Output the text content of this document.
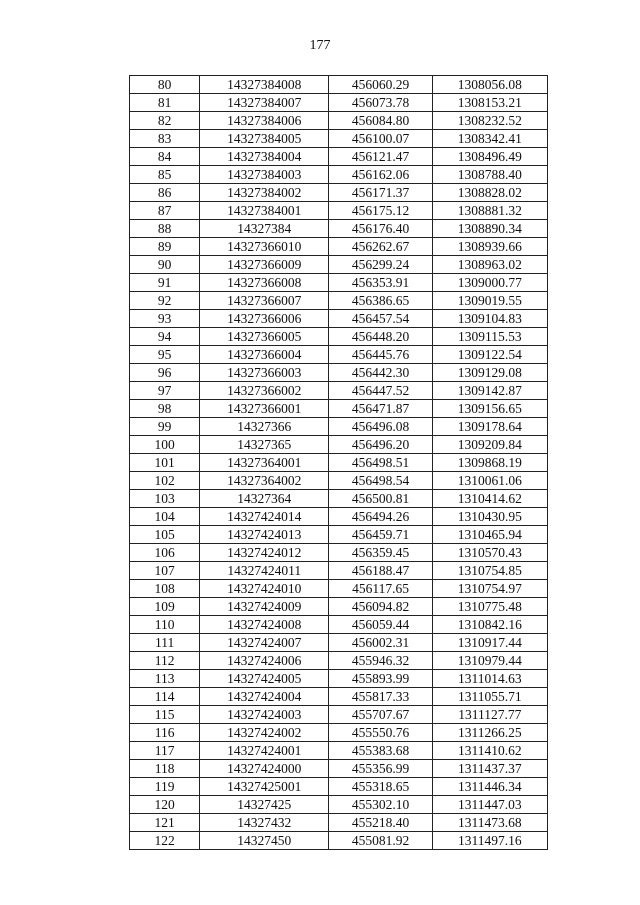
177
80	14327384008	456060.29	1308056.08
81	14327384007	456073.78	1308153.21
82	14327384006	456084.80	1308232.52
83	14327384005	456100.07	1308342.41
84	14327384004	456121.47	1308496.49
85	14327384003	456162.06	1308788.40
86	14327384002	456171.37	1308828.02
87	14327384001	456175.12	1308881.32
88	14327384	456176.40	1308890.34
89	14327366010	456262.67	1308939.66
90	14327366009	456299.24	1308963.02
91	14327366008	456353.91	1309000.77
92	14327366007	456386.65	1309019.55
93	14327366006	456457.54	1309104.83
94	14327366005	456448.20	1309115.53
95	14327366004	456445.76	1309122.54
96	14327366003	456442.30	1309129.08
97	14327366002	456447.52	1309142.87
98	14327366001	456471.87	1309156.65
99	14327366	456496.08	1309178.64
100	14327365	456496.20	1309209.84
101	14327364001	456498.51	1309868.19
102	14327364002	456498.54	1310061.06
103	14327364	456500.81	1310414.62
104	14327424014	456494.26	1310430.95
105	14327424013	456459.71	1310465.94
106	14327424012	456359.45	1310570.43
107	14327424011	456188.47	1310754.85
108	14327424010	456117.65	1310754.97
109	14327424009	456094.82	1310775.48
110	14327424008	456059.44	1310842.16
111	14327424007	456002.31	1310917.44
112	14327424006	455946.32	1310979.44
113	14327424005	455893.99	1311014.63
114	14327424004	455817.33	1311055.71
115	14327424003	455707.67	1311127.77
116	14327424002	455550.76	1311266.25
117	14327424001	455383.68	1311410.62
118	14327424000	455356.99	1311437.37
119	14327425001	455318.65	1311446.34
120	14327425	455302.10	1311447.03
121	14327432	455218.40	1311473.68
122	14327450	455081.92	1311497.16
